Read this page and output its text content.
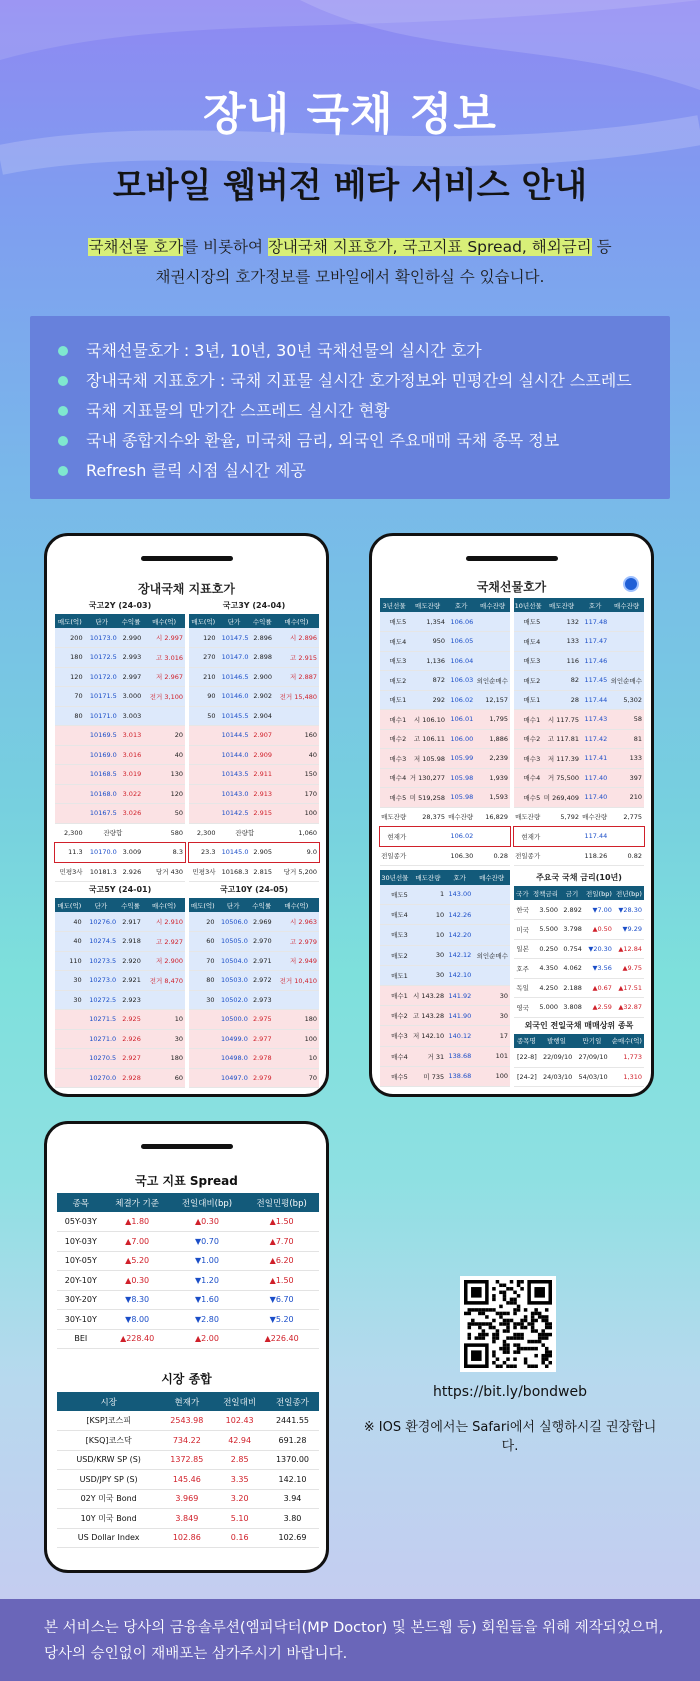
장내 국채 정보
모바일 웹버전 베타 서비스 안내
국채선물 호가를 비롯하여 장내국채 지표호가, 국고지표 Spread, 해외금리 등
채권시장의 호가정보를 모바일에서 확인하실 수 있습니다.
국채선물호가 : 3년, 10년, 30년 국채선물의 실시간 호가
장내국채 지표호가 : 국채 지표물 실시간 호가정보와 민평간의 실시간 스프레드
국채 지표물의 만기간 스프레드 실시간 현황
국내 종합지수와 환율, 미국채 금리, 외국인 주요매매 국채 종목 정보
Refresh 클릭 시점 실시간 제공
장내국채 지표호가
국고2Y (24-03)
매도(억)	단가	수익률	매수(억)
200	10173.0	2.990	시 2.997
180	10172.5	2.993	고 3.016
120	10172.0	2.997	저 2.967
70	10171.5	3.000	전거 3,100
80	10171.0	3.003	
	10169.5	3.013	20
	10169.0	3.016	40
	10168.5	3.019	130
	10168.0	3.022	120
	10167.5	3.026	50
2,300	잔량합		580
11.3	10170.0	3.009	8.3
민평3사	10181.3	2.926	당거 430
국고3Y (24-04)
매도(억)	단가	수익률	매수(억)
120	10147.5	2.896	시 2.896
270	10147.0	2.898	고 2.915
210	10146.5	2.900	저 2.887
90	10146.0	2.902	전거 15,480
50	10145.5	2.904	
	10144.5	2.907	160
	10144.0	2.909	40
	10143.5	2.911	150
	10143.0	2.913	170
	10142.5	2.915	100
2,300	잔량합		1,060
23.3	10145.0	2.905	9.0
민평3사	10168.3	2.815	당거 5,200
국고5Y (24-01)
매도(억)	단가	수익률	매수(억)
40	10276.0	2.917	시 2.910
40	10274.5	2.918	고 2.927
110	10273.5	2.920	저 2.900
30	10273.0	2.921	전거 8,470
30	10272.5	2.923	
	10271.5	2.925	10
	10271.0	2.926	30
	10270.5	2.927	180
	10270.0	2.928	60
국고10Y (24-05)
매도(억)	단가	수익률	매수(억)
20	10506.0	2.969	시 2.963
60	10505.0	2.970	고 2.979
70	10504.0	2.971	저 2.949
80	10503.0	2.972	전거 10,410
30	10502.0	2.973	
	10500.0	2.975	180
	10499.0	2.977	100
	10498.0	2.978	10
	10497.0	2.979	70
국채선물호가
3년선물	매도잔량	호가	매수잔량
매도5	1,354	106.06	
매도4	950	106.05	
매도3	1,136	106.04	
매도2	872	106.03	외인순매수
매도1	292	106.02	12,157
매수1	시 106.10	106.01	1,795
매수2	고 106.11	106.00	1,886
매수3	저 105.98	105.99	2,239
매수4	거 130,277	105.98	1,939
매수5	미 519,258	105.98	1,593
매도잔량	28,375	매수잔량	16,829
현재가		106.02	
전일종가		106.30	0.28
10년선물	매도잔량	호가	매수잔량
매도5	132	117.48	
매도4	133	117.47	
매도3	116	117.46	
매도2	82	117.45	외인순매수
매도1	28	117.44	5,302
매수1	시 117.75	117.43	58
매수2	고 117.81	117.42	81
매수3	저 117.39	117.41	133
매수4	거 75,500	117.40	397
매수5	미 269,409	117.40	210
매도잔량	5,792	매수잔량	2,775
현재가		117.44	
전일종가		118.26	0.82
30년선물	매도잔량	호가	매수잔량
매도5	1	143.00	
매도4	10	142.26	
매도3	10	142.20	
매도2	30	142.12	외인순매수
매도1	30	142.10	
매수1	시 143.28	141.92	30
매수2	고 143.28	141.90	30
매수3	저 142.10	140.12	17
매수4	거 31	138.68	101
매수5	미 735	138.68	100
주요국 국채 금리(10년)
국가	정책금리	금기	전일(bp)	전년(bp)
한국	3.500	2.892	▼7.00	▼28.30
미국	5.500	3.798	▲0.50	▼9.29
일본	0.250	0.754	▼20.30	▲12.84
호주	4.350	4.062	▼3.56	▲9.75
독일	4.250	2.188	▲0.67	▲17.51
영국	5.000	3.808	▲2.59	▲32.87
외국인 전일국채 매매상위 종목
종목명	발행일	만기일	순매수(억)
[22-8]	22/09/10	27/09/10	1,773
[24-2]	24/03/10	54/03/10	1,310
국고 지표 Spread
종목	체결가 기준	전일대비(bp)	전일민평(bp)
05Y-03Y	▲1.80	▲0.30	▲1.50
10Y-03Y	▲7.00	▼0.70	▲7.70
10Y-05Y	▲5.20	▼1.00	▲6.20
20Y-10Y	▲0.30	▼1.20	▲1.50
30Y-20Y	▼8.30	▼1.60	▼6.70
30Y-10Y	▼8.00	▼2.80	▼5.20
BEI	▲228.40	▲2.00	▲226.40
시장 종합
시장	현재가	전일대비	전일종가
[KSP]코스피	2543.98	102.43	2441.55
[KSQ]코스닥	734.22	42.94	691.28
USD/KRW SP (S)	1372.85	2.85	1370.00
USD/JPY SP (S)	145.46	3.35	142.10
02Y 미국 Bond	3.969	3.20	3.94
10Y 미국 Bond	3.849	5.10	3.80
US Dollar Index	102.86	0.16	102.69
https://bit.ly/bondweb
※ IOS 환경에서는 Safari에서 실행하시길 권장합니다.
본 서비스는 당사의 금융솔루션(엠피닥터(MP Doctor) 및 본드웹 등) 회원들을 위해 제작되었으며,
당사의 승인없이 재배포는 삼가주시기 바랍니다.
